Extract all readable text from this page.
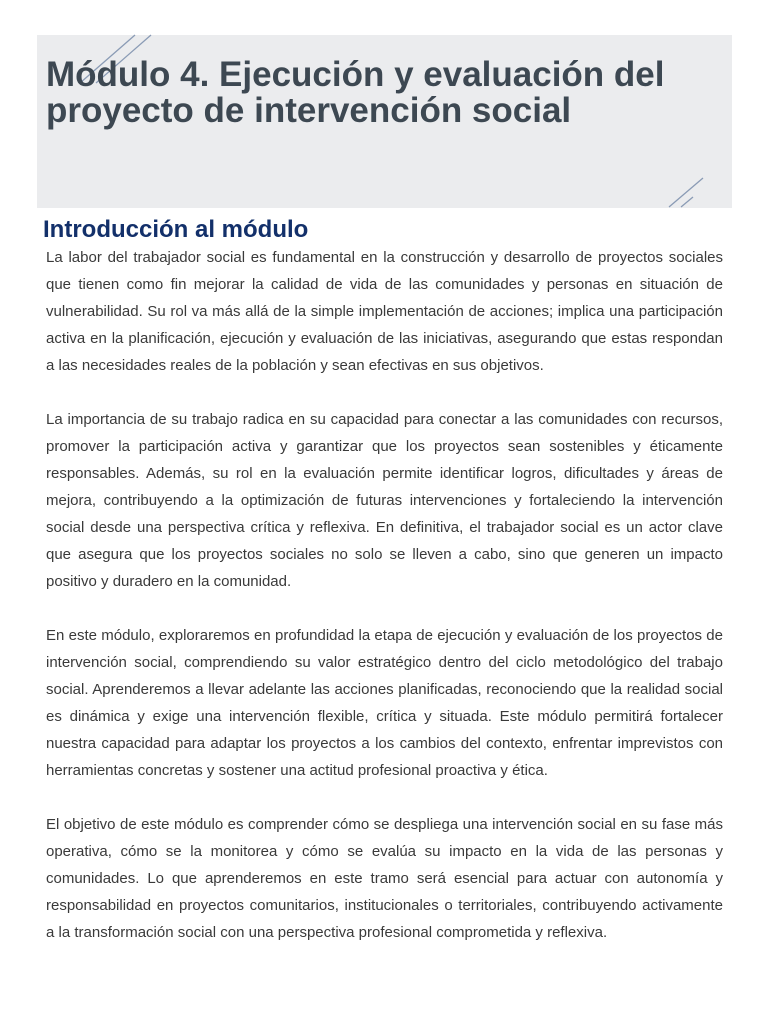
Módulo 4. Ejecución y evaluación del proyecto de intervención social
Introducción al módulo

La labor del trabajador social es fundamental en la construcción y desarrollo de proyectos sociales que tienen como fin mejorar la calidad de vida de las comunidades y personas en situación de vulnerabilidad. Su rol va más allá de la simple implementación de acciones; implica una participación activa en la planificación, ejecución y evaluación de las iniciativas, asegurando que estas respondan a las necesidades reales de la población y sean efectivas en sus objetivos.

La importancia de su trabajo radica en su capacidad para conectar a las comunidades con recursos, promover la participación activa y garantizar que los proyectos sean sostenibles y éticamente responsables. Además, su rol en la evaluación permite identificar logros, dificultades y áreas de mejora, contribuyendo a la optimización de futuras intervenciones y fortaleciendo la intervención social desde una perspectiva crítica y reflexiva. En definitiva, el trabajador social es un actor clave que asegura que los proyectos sociales no solo se lleven a cabo, sino que generen un impacto positivo y duradero en la comunidad.

En este módulo, exploraremos en profundidad la etapa de ejecución y evaluación de los proyectos de intervención social, comprendiendo su valor estratégico dentro del ciclo metodológico del trabajo social. Aprenderemos a llevar adelante las acciones planificadas, reconociendo que la realidad social es dinámica y exige una intervención flexible, crítica y situada. Este módulo permitirá fortalecer nuestra capacidad para adaptar los proyectos a los cambios del contexto, enfrentar imprevistos con herramientas concretas y sostener una actitud profesional proactiva y ética.

El objetivo de este módulo es comprender cómo se despliega una intervención social en su fase más operativa, cómo se la monitorea y cómo se evalúa su impacto en la vida de las personas y comunidades. Lo que aprenderemos en este tramo será esencial para actuar con autonomía y responsabilidad en proyectos comunitarios, institucionales o territoriales, contribuyendo activamente a la transformación social con una perspectiva profesional comprometida y reflexiva.
